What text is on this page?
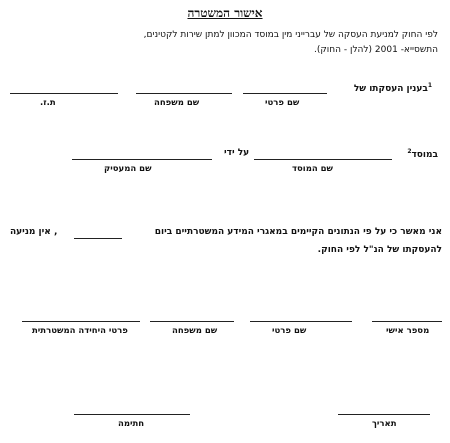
אישור המשטרה
לפי החוק למניעת העסקה של עברייני מין במוסד המכוון למתן שירות לקטינים,
התשסייא- 2001 (להלן - החוק).
$^1$בענין העסקתו של
שם פרטי
שם משפחה
ת.ז.
במוסד$^2$
על ידי
שם המוסד
שם המעסיק
אני מאשר כי על פי הנתונים הקיימים במאגרי המידע המשטרתיים ביום
, אין מניעה
להעסקתו של הנ"ל לפי החוק.
מספר אישי
שם פרטי
שם משפחה
פרטי היחידה המשטרתית
תאריך
חתימה
